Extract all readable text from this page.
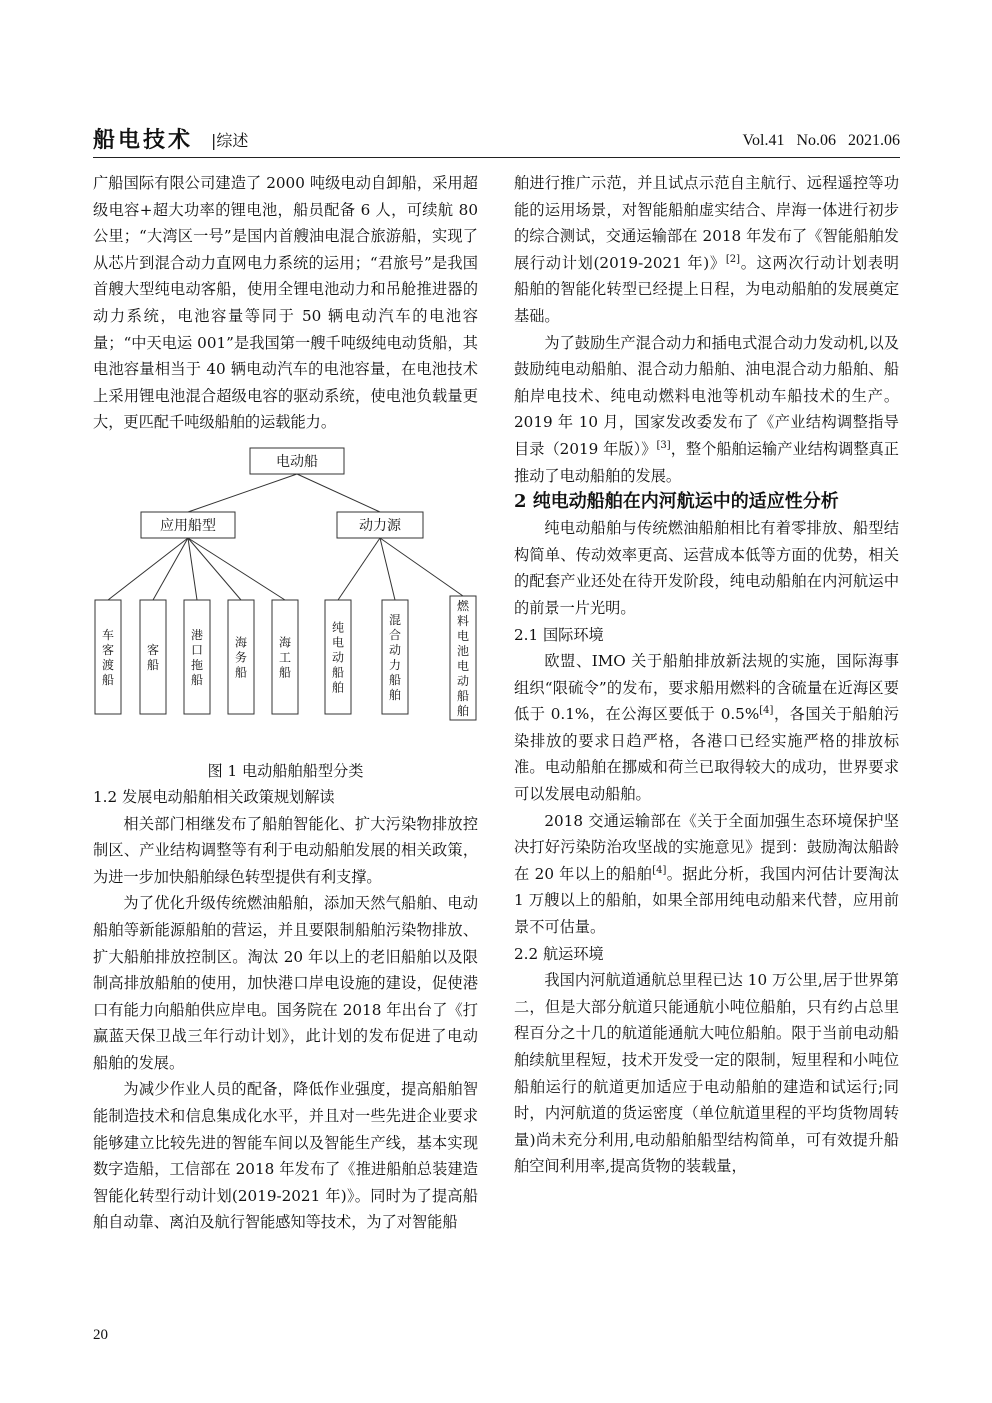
船电技术 |综述	Vol.41 No.06 2021.06

广船国际有限公司建造了 2000 吨级电动自卸船，采用超级电容+超大功率的锂电池，船员配备 6 人，可续航 80 公里；“大湾区一号”是国内首艘油电混合旅游船，实现了从芯片到混合动力直网电力系统的运用；“君旅号”是我国首艘大型纯电动客船，使用全锂电池动力和吊舱推进器的动力系统，电池容量等同于 50 辆电动汽车的电池容量；“中天电运 001”是我国第一艘千吨级纯电动货船，其电池容量相当于 40 辆电动汽车的电池容量，在电池技术上采用锂电池混合超级电容的驱动系统，使电池负载量更大，更匹配千吨级船舶的运载能力。

电动船
应用船型	动力源
车客渡船
客船
港口拖船
海务船
海工船
纯电动船舶
混合动力船舶
燃料电池电动船舶

图 1 电动船舶船型分类

1.2 发展电动船舶相关政策规划解读

相关部门相继发布了船舶智能化、扩大污染物排放控制区、产业结构调整等有利于电动船舶发展的相关政策，为进一步加快船舶绿色转型提供有利支撑。

为了优化升级传统燃油船舶，添加天然气船舶、电动船舶等新能源船舶的营运，并且要限制船舶污染物排放、扩大船舶排放控制区。淘汰 20 年以上的老旧船舶以及限制高排放船舶的使用，加快港口岸电设施的建设，促使港口有能力向船舶供应岸电。国务院在 2018 年出台了《打赢蓝天保卫战三年行动计划》，此计划的发布促进了电动船舶的发展。

为减少作业人员的配备，降低作业强度，提高船舶智能制造技术和信息集成化水平，并且对一些先进企业要求能够建立比较先进的智能车间以及智能生产线，基本实现数字造船，工信部在 2018 年发布了《推进船舶总装建造智能化转型行动计划(2019-2021 年)》。同时为了提高船舶自动靠、离泊及航行智能感知等技术，为了对智能船

舶进行推广示范，并且试点示范自主航行、远程遥控等功能的运用场景，对智能船舶虚实结合、岸海一体进行初步的综合测试，交通运输部在 2018 年发布了《智能船舶发展行动计划(2019-2021 年)》[2]。这两次行动计划表明船舶的智能化转型已经提上日程，为电动船舶的发展奠定基础。

为了鼓励生产混合动力和插电式混合动力发动机,以及鼓励纯电动船舶、混合动力船舶、油电混合动力船舶、船舶岸电技术、纯电动燃料电池等机动车船技术的生产。2019 年 10 月，国家发改委发布了《产业结构调整指导目录（2019 年版）》[3]，整个船舶运输产业结构调整真正推动了电动船舶的发展。

2 纯电动船舶在内河航运中的适应性分析

纯电动船舶与传统燃油船舶相比有着零排放、船型结构简单、传动效率更高、运营成本低等方面的优势，相关的配套产业还处在待开发阶段，纯电动船舶在内河航运中的前景一片光明。

2.1 国际环境

欧盟、IMO 关于船舶排放新法规的实施，国际海事组织“限硫令”的发布，要求船用燃料的含硫量在近海区要低于 0.1%，在公海区要低于 0.5%[4]，各国关于船舶污染排放的要求日趋严格，各港口已经实施严格的排放标准。电动船舶在挪威和荷兰已取得较大的成功，世界要求可以发展电动船舶。

2018 交通运输部在《关于全面加强生态环境保护坚决打好污染防治攻坚战的实施意见》提到：鼓励淘汰船龄在 20 年以上的船舶[4]。据此分析，我国内河估计要淘汰 1 万艘以上的船舶，如果全部用纯电动船来代替，应用前景不可估量。

2.2 航运环境

我国内河航道通航总里程已达 10 万公里,居于世界第二，但是大部分航道只能通航小吨位船舶，只有约占总里程百分之十几的航道能通航大吨位船舶。限于当前电动船舶续航里程短，技术开发受一定的限制，短里程和小吨位船舶运行的航道更加适应于电动船舶的建造和试运行;同时，内河航道的货运密度（单位航道里程的平均货物周转量)尚未充分利用,电动船舶船型结构简单，可有效提升船舶空间利用率,提高货物的装载量，

20
